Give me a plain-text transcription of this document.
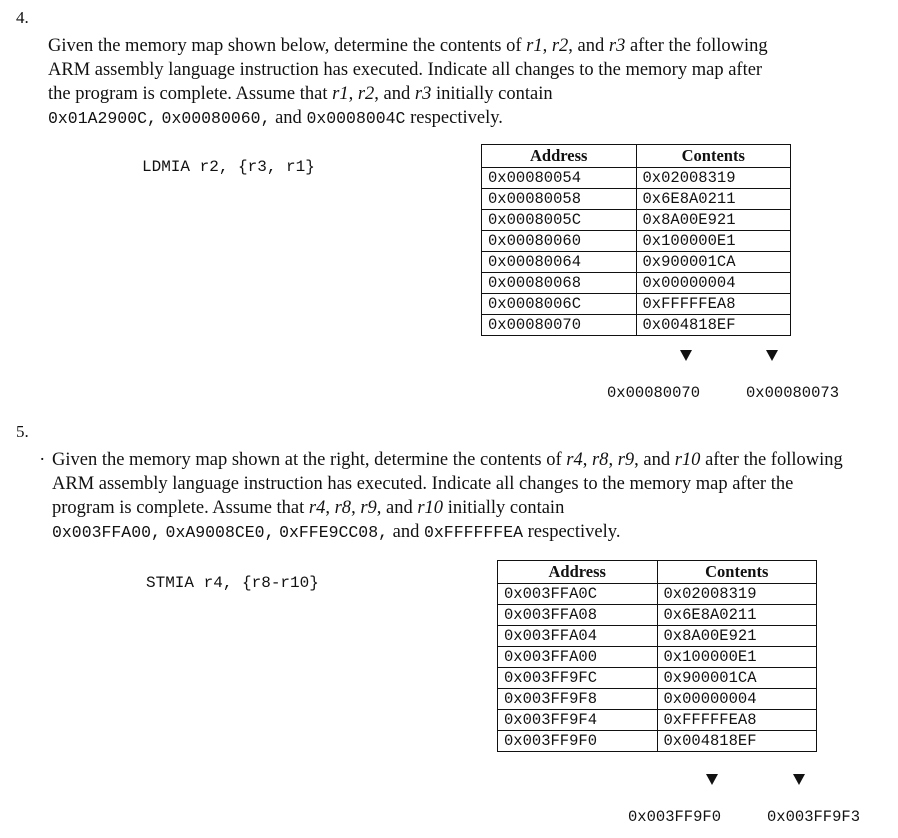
4.
Given the memory map shown below, determine the contents of r1, r2, and r3 after the following ARM assembly language instruction has executed. Indicate all changes to the memory map after the program is complete. Assume that r1, r2, and r3 initially contain
0x01A2900C, 0x00080060, and 0x0008004C respectively.
LDMIA r2, {r3, r1}
Address	Contents
0x00080054	0x02008319
0x00080058	0x6E8A0211
0x0008005C	0x8A00E921
0x00080060	0x100000E1
0x00080064	0x900001CA
0x00080068	0x00000004
0x0008006C	0xFFFFFEA8
0x00080070	0x004818EF
0x00080070	0x00080073
5.
. Given the memory map shown at the right, determine the contents of r4, r8, r9, and r10 after the following ARM assembly language instruction has executed. Indicate all changes to the memory map after the program is complete. Assume that r4, r8, r9, and r10 initially contain
0x003FFA00, 0xA9008CE0, 0xFFE9CC08, and 0xFFFFFFEA respectively.
STMIA r4, {r8-r10}
Address	Contents
0x003FFA0C	0x02008319
0x003FFA08	0x6E8A0211
0x003FFA04	0x8A00E921
0x003FFA00	0x100000E1
0x003FF9FC	0x900001CA
0x003FF9F8	0x00000004
0x003FF9F4	0xFFFFFEA8
0x003FF9F0	0x004818EF
0x003FF9F0	0x003FF9F3
